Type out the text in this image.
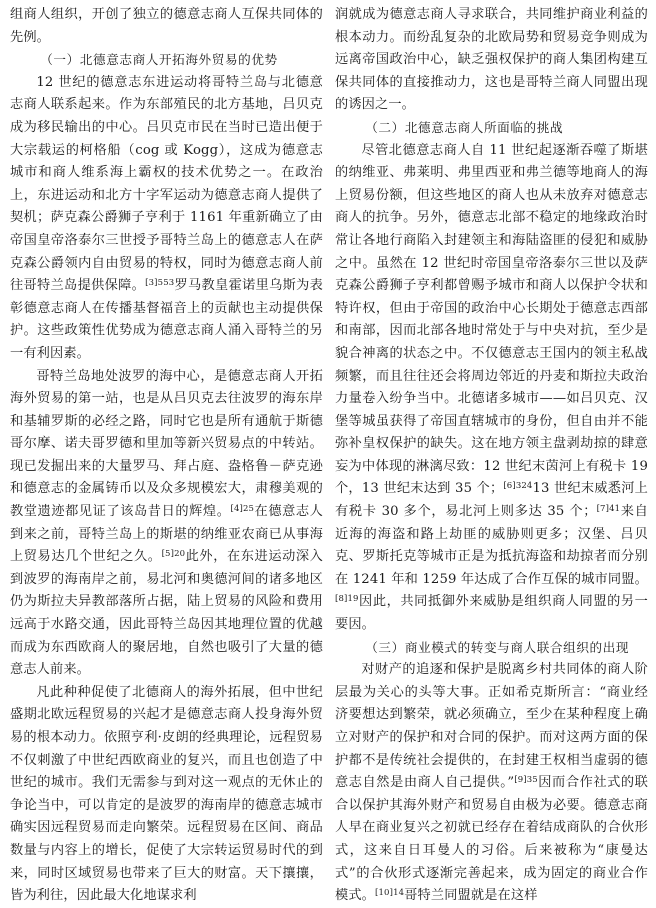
组商人组织，开创了独立的德意志商人互保共同体的先例。

（一）北德意志商人开拓海外贸易的优势

12 世纪的德意志东进运动将哥特兰岛与北德意志商人联系起来。作为东部殖民的北方基地，吕贝克成为移民输出的中心。吕贝克市民在当时已造出便于大宗载运的柯格船（cog 或 Kogg），这成为德意志城市和商人维系海上霸权的技术优势之一。在政治上，东进运动和北方十字军运动为德意志商人提供了契机；萨克森公爵狮子亨利于 1161 年重新确立了由帝国皇帝洛泰尔三世授予哥特兰岛上的德意志人在萨克森公爵领内自由贸易的特权，同时为德意志商人前往哥特兰岛提供保障。$^{[3]553}$罗马教皇霍诺里乌斯为表彰德意志商人在传播基督福音上的贡献也主动提供保护。这些政策性优势成为德意志商人涌入哥特兰的另一有利因素。

哥特兰岛地处波罗的海中心，是德意志商人开拓海外贸易的第一站，也是从吕贝克去往波罗的海东岸和基辅罗斯的必经之路，同时它也是所有通航于斯德哥尔摩、诺夫哥罗德和里加等新兴贸易点的中转站。现已发掘出来的大量罗马、拜占庭、盎格鲁－萨克逊和德意志的金属铸币以及众多规模宏大，肃穆美观的教堂遗迹都见证了该岛昔日的辉煌。$^{[4]25}$在德意志人到来之前，哥特兰岛上的斯堪的纳维亚农商已从事海上贸易达几个世纪之久。$^{[5]20}$此外，在东进运动深入到波罗的海南岸之前，易北河和奥德河间的诸多地区仍为斯拉夫异教部落所占据，陆上贸易的风险和费用远高于水路交通，因此哥特兰岛因其地理位置的优越而成为东西欧商人的聚居地，自然也吸引了大量的德意志人前来。

凡此种种促使了北德商人的海外拓展，但中世纪盛期北欧远程贸易的兴起才是德意志商人投身海外贸易的根本动力。依照亨利·皮朗的经典理论，远程贸易不仅刺激了中世纪西欧商业的复兴，而且也创造了中世纪的城市。我们无需参与到对这一观点的无休止的争论当中，可以肯定的是波罗的海南岸的德意志城市确实因远程贸易而走向繁荣。远程贸易在区间、商品数量与内容上的增长，促使了大宗转运贸易时代的到来，同时区域贸易也带来了巨大的财富。天下攘攘，皆为利往，因此最大化地谋求利

润就成为德意志商人寻求联合，共同维护商业利益的根本动力。而纷乱复杂的北欧局势和贸易竞争则成为远离帝国政治中心，缺乏强权保护的商人集团构建互保共同体的直接推动力，这也是哥特兰商人同盟出现的诱因之一。

（二）北德意志商人所面临的挑战

尽管北德意志商人自 11 世纪起逐渐吞噬了斯堪的纳维亚、弗莱明、弗里西亚和弗兰德等地商人的海上贸易份额，但这些地区的商人也从未放弃对德意志商人的抗争。另外，德意志北部不稳定的地缘政治时常让各地行商陷入封建领主和海陆盗匪的侵犯和威胁之中。虽然在 12 世纪时帝国皇帝洛泰尔三世以及萨克森公爵狮子亨利都曾赐予城市和商人以保护令状和特许权，但由于帝国的政治中心长期处于德意志西部和南部，因而北部各地时常处于与中央对抗，至少是貌合神离的状态之中。不仅德意志王国内的领主私战频繁，而且往往还会将周边邻近的丹麦和斯拉夫政治力量卷入纷争当中。北德诸多城市——如吕贝克、汉堡等城虽获得了帝国直辖城市的身份，但自由并不能弥补皇权保护的缺失。这在地方领主盘剥劫掠的肆意妄为中体现的淋漓尽致：12 世纪末茵河上有税卡 19 个，13 世纪末达到 35 个；$^{[6]324}$13 世纪末威悉河上有税卡 30 多个，易北河上则多达 35 个；$^{[7]41}$来自近海的海盗和路上劫匪的威胁则更多；汉堡、吕贝克、罗斯托克等城市正是为抵抗海盗和劫掠者而分别在 1241 年和 1259 年达成了合作互保的城市同盟。$^{[8]19}$因此，共同抵御外来威胁是组织商人同盟的另一要因。

（三）商业模式的转变与商人联合组织的出现

对财产的追逐和保护是脱离乡村共同体的商人阶层最为关心的头等大事。正如希克斯所言：“商业经济要想达到繁荣，就必须确立，至少在某种程度上确立对财产的保护和对合同的保护。而对这两方面的保护都不是传统社会提供的，在封建王权相当虚弱的德意志自然是由商人自己提供。”$^{[9]35}$因而合作社式的联合以保护其海外财产和贸易自由极为必要。德意志商人早在商业复兴之初就已经存在着结成商队的合伙形式，这来自日耳曼人的习俗。后来被称为“康曼达式”的合伙形式逐渐完善起来，成为固定的商业合作模式。$^{[10]14}$哥特兰同盟就是在这样
